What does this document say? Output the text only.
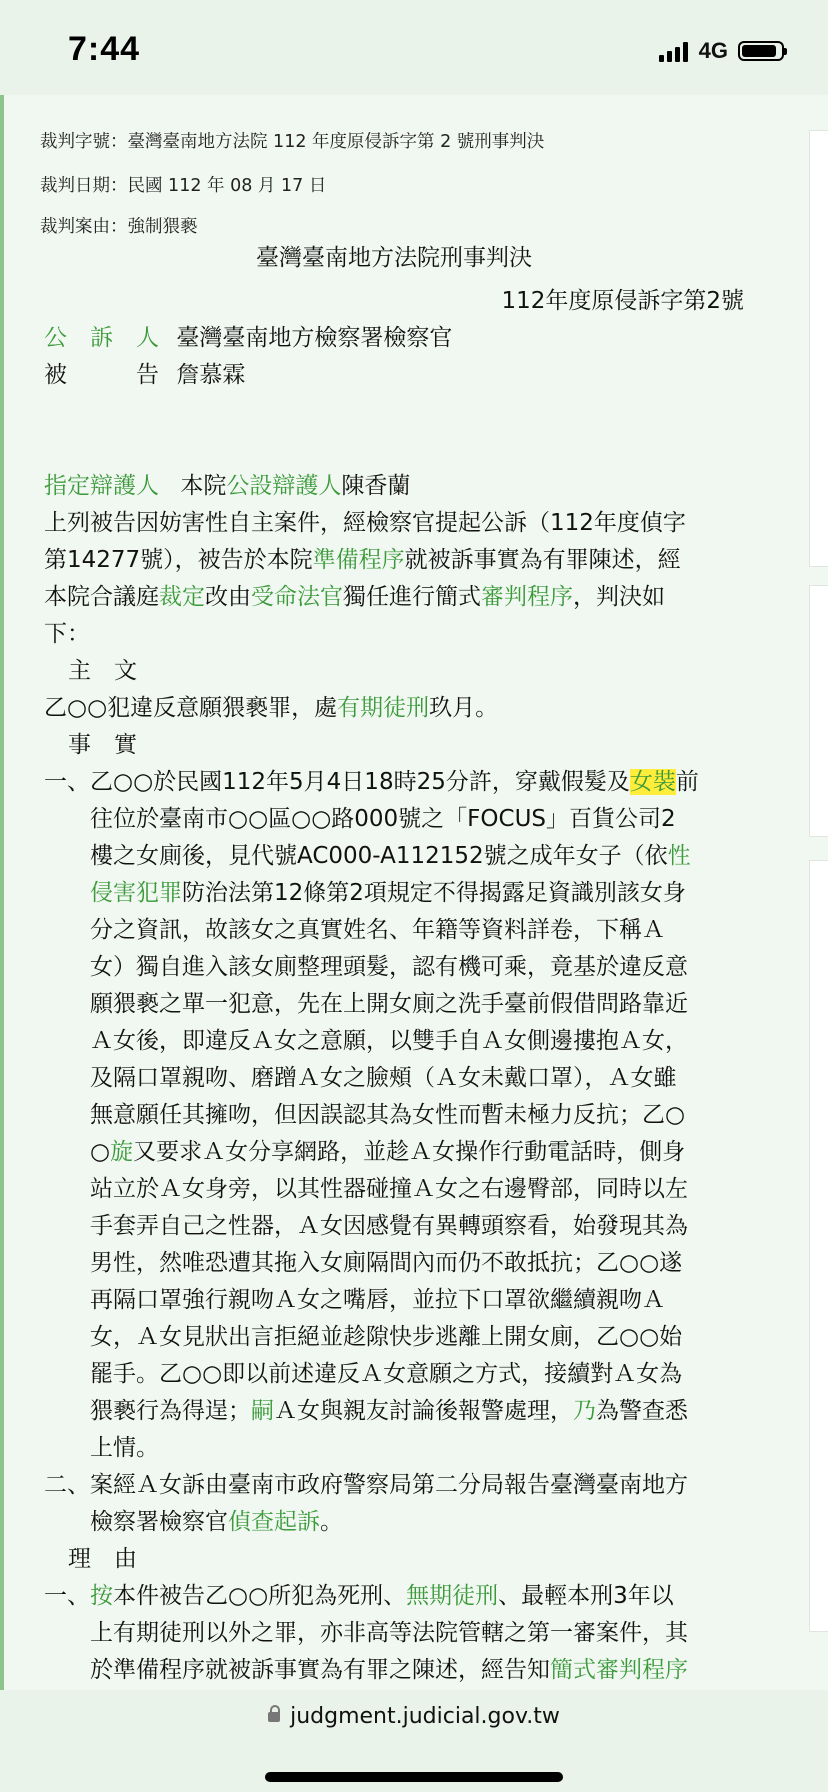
7:44	4G
裁判字號：臺灣臺南地方法院 112 年度原侵訴字第 2 號刑事判決
裁判日期：民國 112 年 08 月 17 日
裁判案由：強制猥褻

臺灣臺南地方法院刑事判決

112年度原侵訴字第2號

公　訴　人 臺灣臺南地方檢察署檢察官

被　　　告 詹慕霖

指定辯護人 本院公設辯護人陳香蘭

上列被告因妨害性自主案件，經檢察官提起公訴（112年度偵字

第14277號），被告於本院準備程序就被訴事實為有罪陳述，經

本院合議庭裁定改由受命法官獨任進行簡式審判程序，判決如

下：

主　文

乙○○犯違反意願猥褻罪，處有期徒刑玖月。

事　實

一、乙○○於民國112年5月4日18時25分許，穿戴假髮及女裝前

　　往位於臺南市○○區○○路000號之「FOCUS」百貨公司2

　　樓之女廁後，見代號AC000-A112152號之成年女子（依性

　　侵害犯罪防治法第12條第2項規定不得揭露足資識別該女身

　　分之資訊，故該女之真實姓名、年籍等資料詳卷，下稱Ａ

　　女）獨自進入該女廁整理頭髮，認有機可乘，竟基於違反意

　　願猥褻之單一犯意，先在上開女廁之洗手臺前假借問路靠近

　　Ａ女後，即違反Ａ女之意願，以雙手自Ａ女側邊摟抱Ａ女，

　　及隔口罩親吻、磨蹭Ａ女之臉頰（Ａ女未戴口罩），Ａ女雖

　　無意願任其擁吻，但因誤認其為女性而暫未極力反抗；乙○

　　○旋又要求Ａ女分享網路，並趁Ａ女操作行動電話時，側身

　　站立於Ａ女身旁，以其性器碰撞Ａ女之右邊臀部，同時以左

　　手套弄自己之性器，Ａ女因感覺有異轉頭察看，始發現其為

　　男性，然唯恐遭其拖入女廁隔間內而仍不敢抵抗；乙○○遂

　　再隔口罩強行親吻Ａ女之嘴唇，並拉下口罩欲繼續親吻Ａ

　　女，Ａ女見狀出言拒絕並趁隙快步逃離上開女廁，乙○○始

　　罷手。乙○○即以前述違反Ａ女意願之方式，接續對Ａ女為

　　猥褻行為得逞；嗣Ａ女與親友討論後報警處理，乃為警查悉

　　上情。

二、案經Ａ女訴由臺南市政府警察局第二分局報告臺灣臺南地方

　　檢察署檢察官偵查起訴。

理　由

一、按本件被告乙○○所犯為死刑、無期徒刑、最輕本刑3年以

　　上有期徒刑以外之罪，亦非高等法院管轄之第一審案件，其

　　於準備程序就被訴事實為有罪之陳述，經告知簡式審判程序

judgment.judicial.gov.tw
